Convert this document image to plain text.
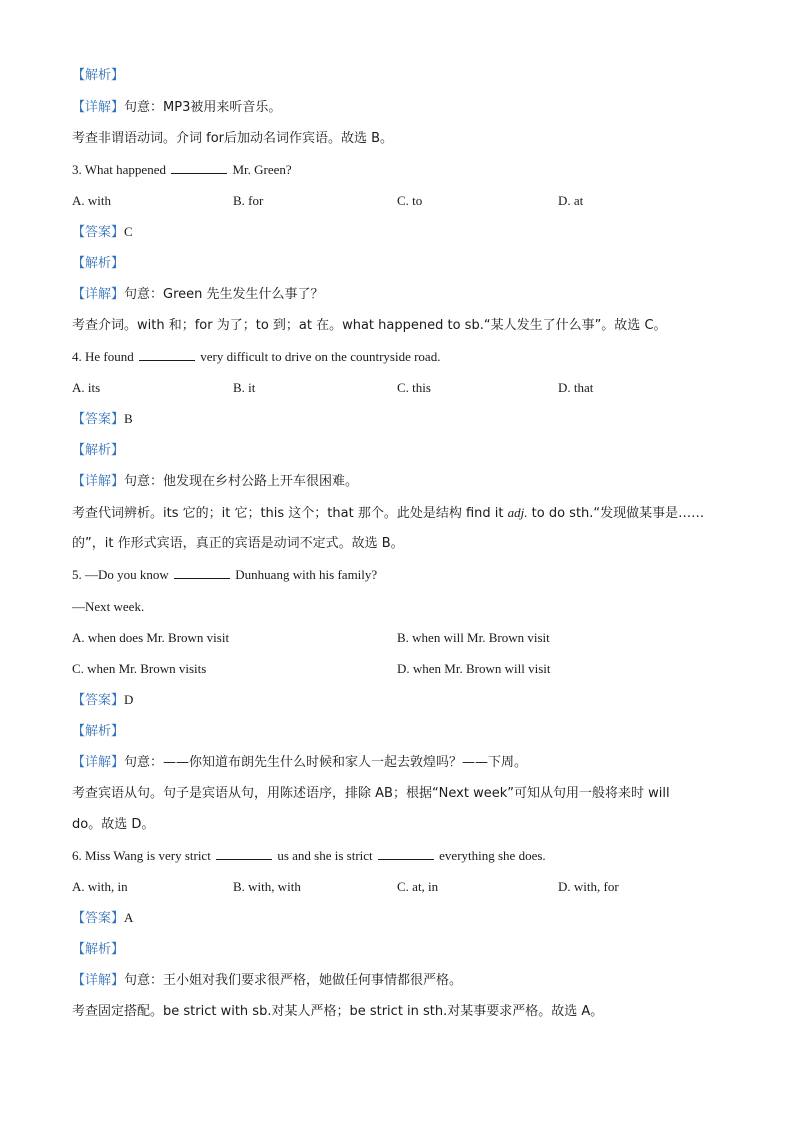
【解析】
【详解】句意：MP3被用来听音乐。
考查非谓语动词。介词 for后加动名词作宾语。故选 B。
3. What happened	Mr. Green?
A. with	B. for	C. to	D. at
【答案】C
【解析】
【详解】句意：Green 先生发生什么事了？
考查介词。with 和；for 为了；to 到；at 在。what happened to sb.“某人发生了什么事”。故选 C。
4. He found	very difficult to drive on the countryside road.
A. its	B. it	C. this	D. that
【答案】B
【解析】
【详解】句意：他发现在乡村公路上开车很困难。
考查代词辨析。its 它的；it 它；this 这个；that 那个。此处是结构 find it adj. to do sth.“发现做某事是……
的”，it 作形式宾语，真正的宾语是动词不定式。故选 B。
5. —Do you know	Dunhuang with his family?
—Next week.
A. when does Mr. Brown visit	B. when will Mr. Brown visit
C. when Mr. Brown visits	D. when Mr. Brown will visit
【答案】D
【解析】
【详解】句意：——你知道布朗先生什么时候和家人一起去敦煌吗？——下周。
考查宾语从句。句子是宾语从句，用陈述语序，排除 AB；根据“Next week”可知从句用一般将来时 will
do。故选 D。
6. Miss Wang is very strict	us and she is strict	everything she does.
A. with, in	B. with, with	C. at, in	D. with, for
【答案】A
【解析】
【详解】句意：王小姐对我们要求很严格，她做任何事情都很严格。
考查固定搭配。be strict with sb.对某人严格；be strict in sth.对某事要求严格。故选 A。
